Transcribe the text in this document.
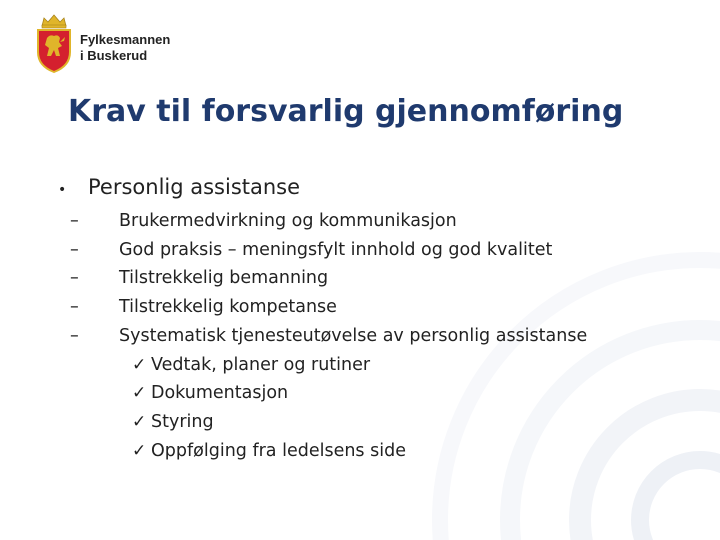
Fylkesmannen
i Buskerud
Krav til forsvarlig gjennomføring
•	Personlig assistanse
–	Brukermedvirkning og kommunikasjon
–	God praksis – meningsfylt innhold og god kvalitet
–	Tilstrekkelig bemanning
–	Tilstrekkelig kompetanse
–	Systematisk tjenesteutøvelse av personlig assistanse
✓ Vedtak, planer og rutiner
✓ Dokumentasjon
✓ Styring
✓ Oppfølging fra ledelsens side
